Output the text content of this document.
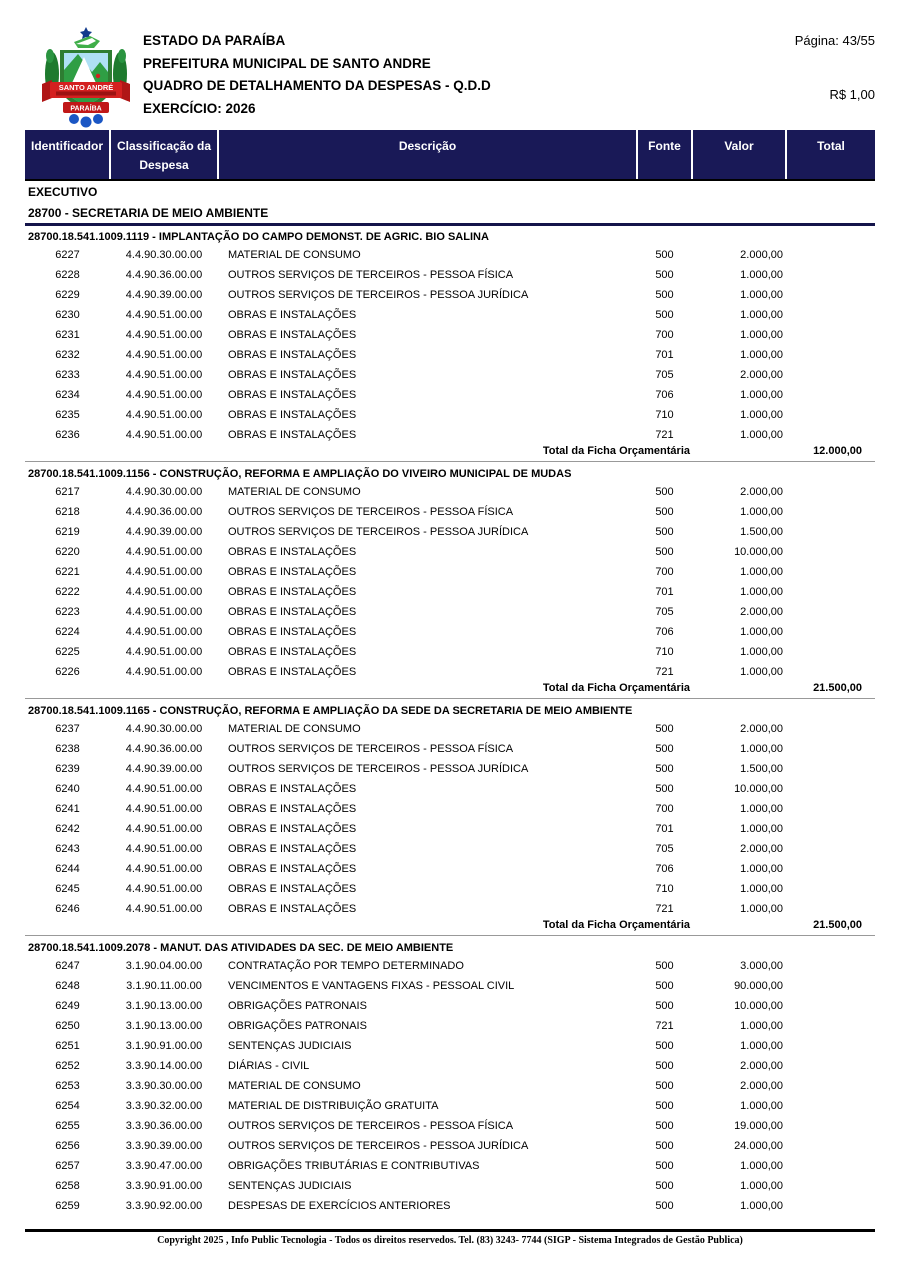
SANTO ANDRÉ
PARAÍBA
ESTADO DA PARAÍBA
PREFEITURA MUNICIPAL DE SANTO ANDRE
QUADRO DE DETALHAMENTO DA DESPESAS - Q.D.D
EXERCÍCIO: 2026
Página: 43/55
R$ 1,00
Identificador	Classificação da Despesa	Descrição	Fonte	Valor	Total
EXECUTIVO					
28700 - SECRETARIA DE MEIO AMBIENTE					
28700.18.541.1009.1119 - IMPLANTAÇÃO DO CAMPO DEMONST. DE AGRIC. BIO SALINA					
6227	4.4.90.30.00.00	MATERIAL DE CONSUMO	500	2.000,00	
6228	4.4.90.36.00.00	OUTROS SERVIÇOS DE TERCEIROS - PESSOA FÍSICA	500	1.000,00	
6229	4.4.90.39.00.00	OUTROS SERVIÇOS DE TERCEIROS - PESSOA JURÍDICA	500	1.000,00	
6230	4.4.90.51.00.00	OBRAS E INSTALAÇÕES	500	1.000,00	
6231	4.4.90.51.00.00	OBRAS E INSTALAÇÕES	700	1.000,00	
6232	4.4.90.51.00.00	OBRAS E INSTALAÇÕES	701	1.000,00	
6233	4.4.90.51.00.00	OBRAS E INSTALAÇÕES	705	2.000,00	
6234	4.4.90.51.00.00	OBRAS E INSTALAÇÕES	706	1.000,00	
6235	4.4.90.51.00.00	OBRAS E INSTALAÇÕES	710	1.000,00	
6236	4.4.90.51.00.00	OBRAS E INSTALAÇÕES	721	1.000,00	
Total da Ficha Orçamentária					12.000,00
28700.18.541.1009.1156 - CONSTRUÇÃO, REFORMA E AMPLIAÇÃO DO VIVEIRO MUNICIPAL DE MUDAS					
6217	4.4.90.30.00.00	MATERIAL DE CONSUMO	500	2.000,00	
6218	4.4.90.36.00.00	OUTROS SERVIÇOS DE TERCEIROS - PESSOA FÍSICA	500	1.000,00	
6219	4.4.90.39.00.00	OUTROS SERVIÇOS DE TERCEIROS - PESSOA JURÍDICA	500	1.500,00	
6220	4.4.90.51.00.00	OBRAS E INSTALAÇÕES	500	10.000,00	
6221	4.4.90.51.00.00	OBRAS E INSTALAÇÕES	700	1.000,00	
6222	4.4.90.51.00.00	OBRAS E INSTALAÇÕES	701	1.000,00	
6223	4.4.90.51.00.00	OBRAS E INSTALAÇÕES	705	2.000,00	
6224	4.4.90.51.00.00	OBRAS E INSTALAÇÕES	706	1.000,00	
6225	4.4.90.51.00.00	OBRAS E INSTALAÇÕES	710	1.000,00	
6226	4.4.90.51.00.00	OBRAS E INSTALAÇÕES	721	1.000,00	
Total da Ficha Orçamentária					21.500,00
28700.18.541.1009.1165 - CONSTRUÇÃO, REFORMA E AMPLIAÇÃO DA SEDE DA SECRETARIA DE MEIO AMBIENTE					
6237	4.4.90.30.00.00	MATERIAL DE CONSUMO	500	2.000,00	
6238	4.4.90.36.00.00	OUTROS SERVIÇOS DE TERCEIROS - PESSOA FÍSICA	500	1.000,00	
6239	4.4.90.39.00.00	OUTROS SERVIÇOS DE TERCEIROS - PESSOA JURÍDICA	500	1.500,00	
6240	4.4.90.51.00.00	OBRAS E INSTALAÇÕES	500	10.000,00	
6241	4.4.90.51.00.00	OBRAS E INSTALAÇÕES	700	1.000,00	
6242	4.4.90.51.00.00	OBRAS E INSTALAÇÕES	701	1.000,00	
6243	4.4.90.51.00.00	OBRAS E INSTALAÇÕES	705	2.000,00	
6244	4.4.90.51.00.00	OBRAS E INSTALAÇÕES	706	1.000,00	
6245	4.4.90.51.00.00	OBRAS E INSTALAÇÕES	710	1.000,00	
6246	4.4.90.51.00.00	OBRAS E INSTALAÇÕES	721	1.000,00	
Total da Ficha Orçamentária					21.500,00
28700.18.541.1009.2078 - MANUT. DAS ATIVIDADES DA SEC. DE MEIO AMBIENTE					
6247	3.1.90.04.00.00	CONTRATAÇÃO POR TEMPO DETERMINADO	500	3.000,00	
6248	3.1.90.11.00.00	VENCIMENTOS E VANTAGENS FIXAS - PESSOAL CIVIL	500	90.000,00	
6249	3.1.90.13.00.00	OBRIGAÇÕES PATRONAIS	500	10.000,00	
6250	3.1.90.13.00.00	OBRIGAÇÕES PATRONAIS	721	1.000,00	
6251	3.1.90.91.00.00	SENTENÇAS JUDICIAIS	500	1.000,00	
6252	3.3.90.14.00.00	DIÁRIAS - CIVIL	500	2.000,00	
6253	3.3.90.30.00.00	MATERIAL DE CONSUMO	500	2.000,00	
6254	3.3.90.32.00.00	MATERIAL DE DISTRIBUIÇÃO GRATUITA	500	1.000,00	
6255	3.3.90.36.00.00	OUTROS SERVIÇOS DE TERCEIROS - PESSOA FÍSICA	500	19.000,00	
6256	3.3.90.39.00.00	OUTROS SERVIÇOS DE TERCEIROS - PESSOA JURÍDICA	500	24.000,00	
6257	3.3.90.47.00.00	OBRIGAÇÕES TRIBUTÁRIAS E CONTRIBUTIVAS	500	1.000,00	
6258	3.3.90.91.00.00	SENTENÇAS JUDICIAIS	500	1.000,00	
6259	3.3.90.92.00.00	DESPESAS DE EXERCÍCIOS ANTERIORES	500	1.000,00	
Copyright 2025 , Info Public Tecnologia - Todos os direitos reservedos. Tel. (83) 3243- 7744 (SIGP - Sistema Integrados de Gestão Publica)
